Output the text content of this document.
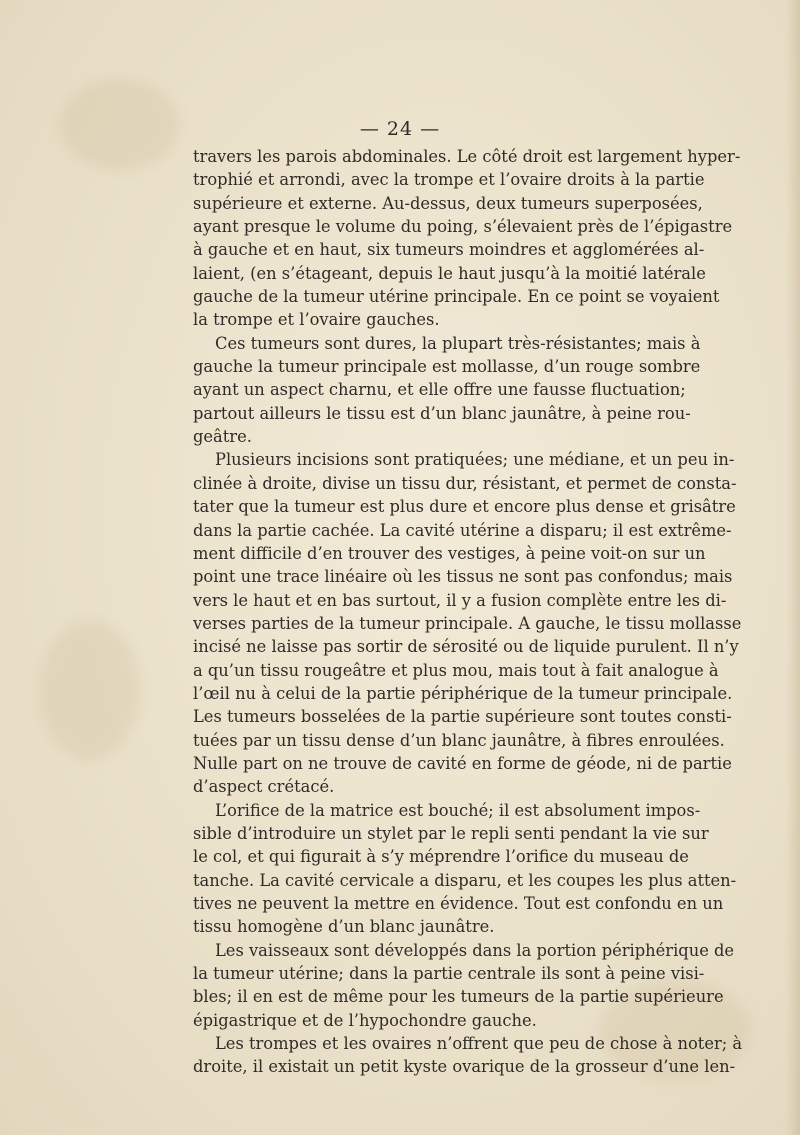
— 24 —
travers les parois abdominales. Le côté droit est largement hyper-
trophié et arrondi, avec la trompe et l’ovaire droits à la partie
supérieure et externe. Au-dessus, deux tumeurs superposées,
ayant presque le volume du poing, s’élevaient près de l’épigastre
à gauche et en haut, six tumeurs moindres et agglomérées al-
laient, (en s’étageant, depuis le haut jusqu’à la moitié latérale
gauche de la tumeur utérine principale. En ce point se voyaient
la trompe et l’ovaire gauches.
Ces tumeurs sont dures, la plupart très-résistantes; mais à
gauche la tumeur principale est mollasse, d’un rouge sombre
ayant un aspect charnu, et elle offre une fausse fluctuation;
partout ailleurs le tissu est d’un blanc jaunâtre, à peine rou-
geâtre.
Plusieurs incisions sont pratiquées; une médiane, et un peu in-
clinée à droite, divise un tissu dur, résistant, et permet de consta-
tater que la tumeur est plus dure et encore plus dense et grisâtre
dans la partie cachée. La cavité utérine a disparu; il est extrême-
ment difficile d’en trouver des vestiges, à peine voit-on sur un
point une trace linéaire où les tissus ne sont pas confondus; mais
vers le haut et en bas surtout, il y a fusion complète entre les di-
verses parties de la tumeur principale. A gauche, le tissu mollasse
incisé ne laisse pas sortir de sérosité ou de liquide purulent. Il n’y
a qu’un tissu rougeâtre et plus mou, mais tout à fait analogue à
l’œil nu à celui de la partie périphérique de la tumeur principale.
Les tumeurs bosselées de la partie supérieure sont toutes consti-
tuées par un tissu dense d’un blanc jaunâtre, à fibres enroulées.
Nulle part on ne trouve de cavité en forme de géode, ni de partie
d’aspect crétacé.
L’orifice de la matrice est bouché; il est absolument impos-
sible d’introduire un stylet par le repli senti pendant la vie sur
le col, et qui figurait à s’y méprendre l’orifice du museau de
tanche. La cavité cervicale a disparu, et les coupes les plus atten-
tives ne peuvent la mettre en évidence. Tout est confondu en un
tissu homogène d’un blanc jaunâtre.
Les vaisseaux sont développés dans la portion périphérique de
la tumeur utérine; dans la partie centrale ils sont à peine visi-
bles; il en est de même pour les tumeurs de la partie supérieure
épigastrique et de l’hypochondre gauche.
Les trompes et les ovaires n’offrent que peu de chose à noter; à
droite, il existait un petit kyste ovarique de la grosseur d’une len-
